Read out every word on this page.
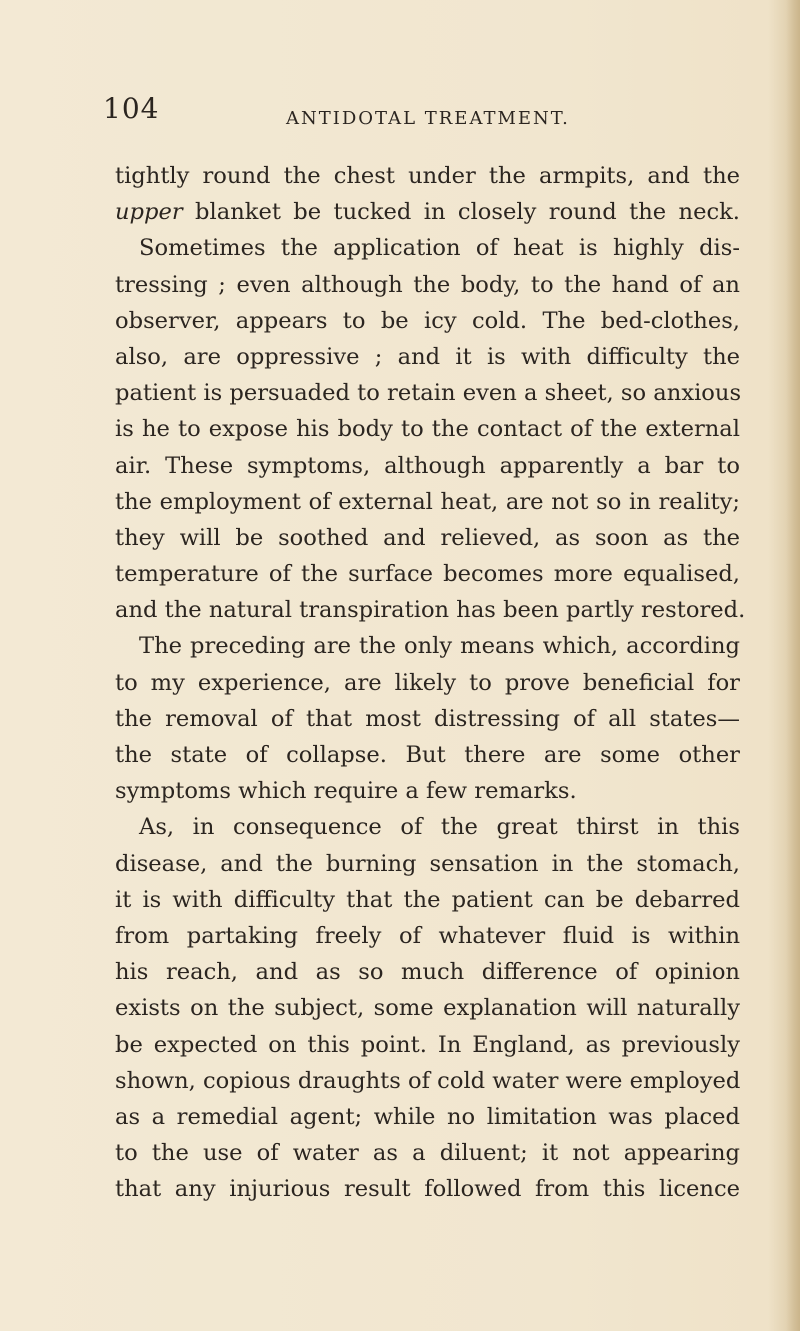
104	ANTIDOTAL TREATMENT.
tightly round the chest under the armpits, and the
upper blanket be tucked in closely round the neck.
Sometimes the application of heat is highly dis-
tressing ; even although the body, to the hand of an
observer, appears to be icy cold. The bed-clothes,
also, are oppressive ; and it is with difficulty the
patient is persuaded to retain even a sheet, so anxious
is he to expose his body to the contact of the external
air. These symptoms, although apparently a bar to
the employment of external heat, are not so in reality;
they will be soothed and relieved, as soon as the
temperature of the surface becomes more equalised,
and the natural transpiration has been partly restored.
The preceding are the only means which, according
to my experience, are likely to prove beneficial for
the removal of that most distressing of all states—
the state of collapse. But there are some other
symptoms which require a few remarks.
As, in consequence of the great thirst in this
disease, and the burning sensation in the stomach,
it is with difficulty that the patient can be debarred
from partaking freely of whatever fluid is within
his reach, and as so much difference of opinion
exists on the subject, some explanation will naturally
be expected on this point. In England, as previously
shown, copious draughts of cold water were employed
as a remedial agent; while no limitation was placed
to the use of water as a diluent; it not appearing
that any injurious result followed from this licence
